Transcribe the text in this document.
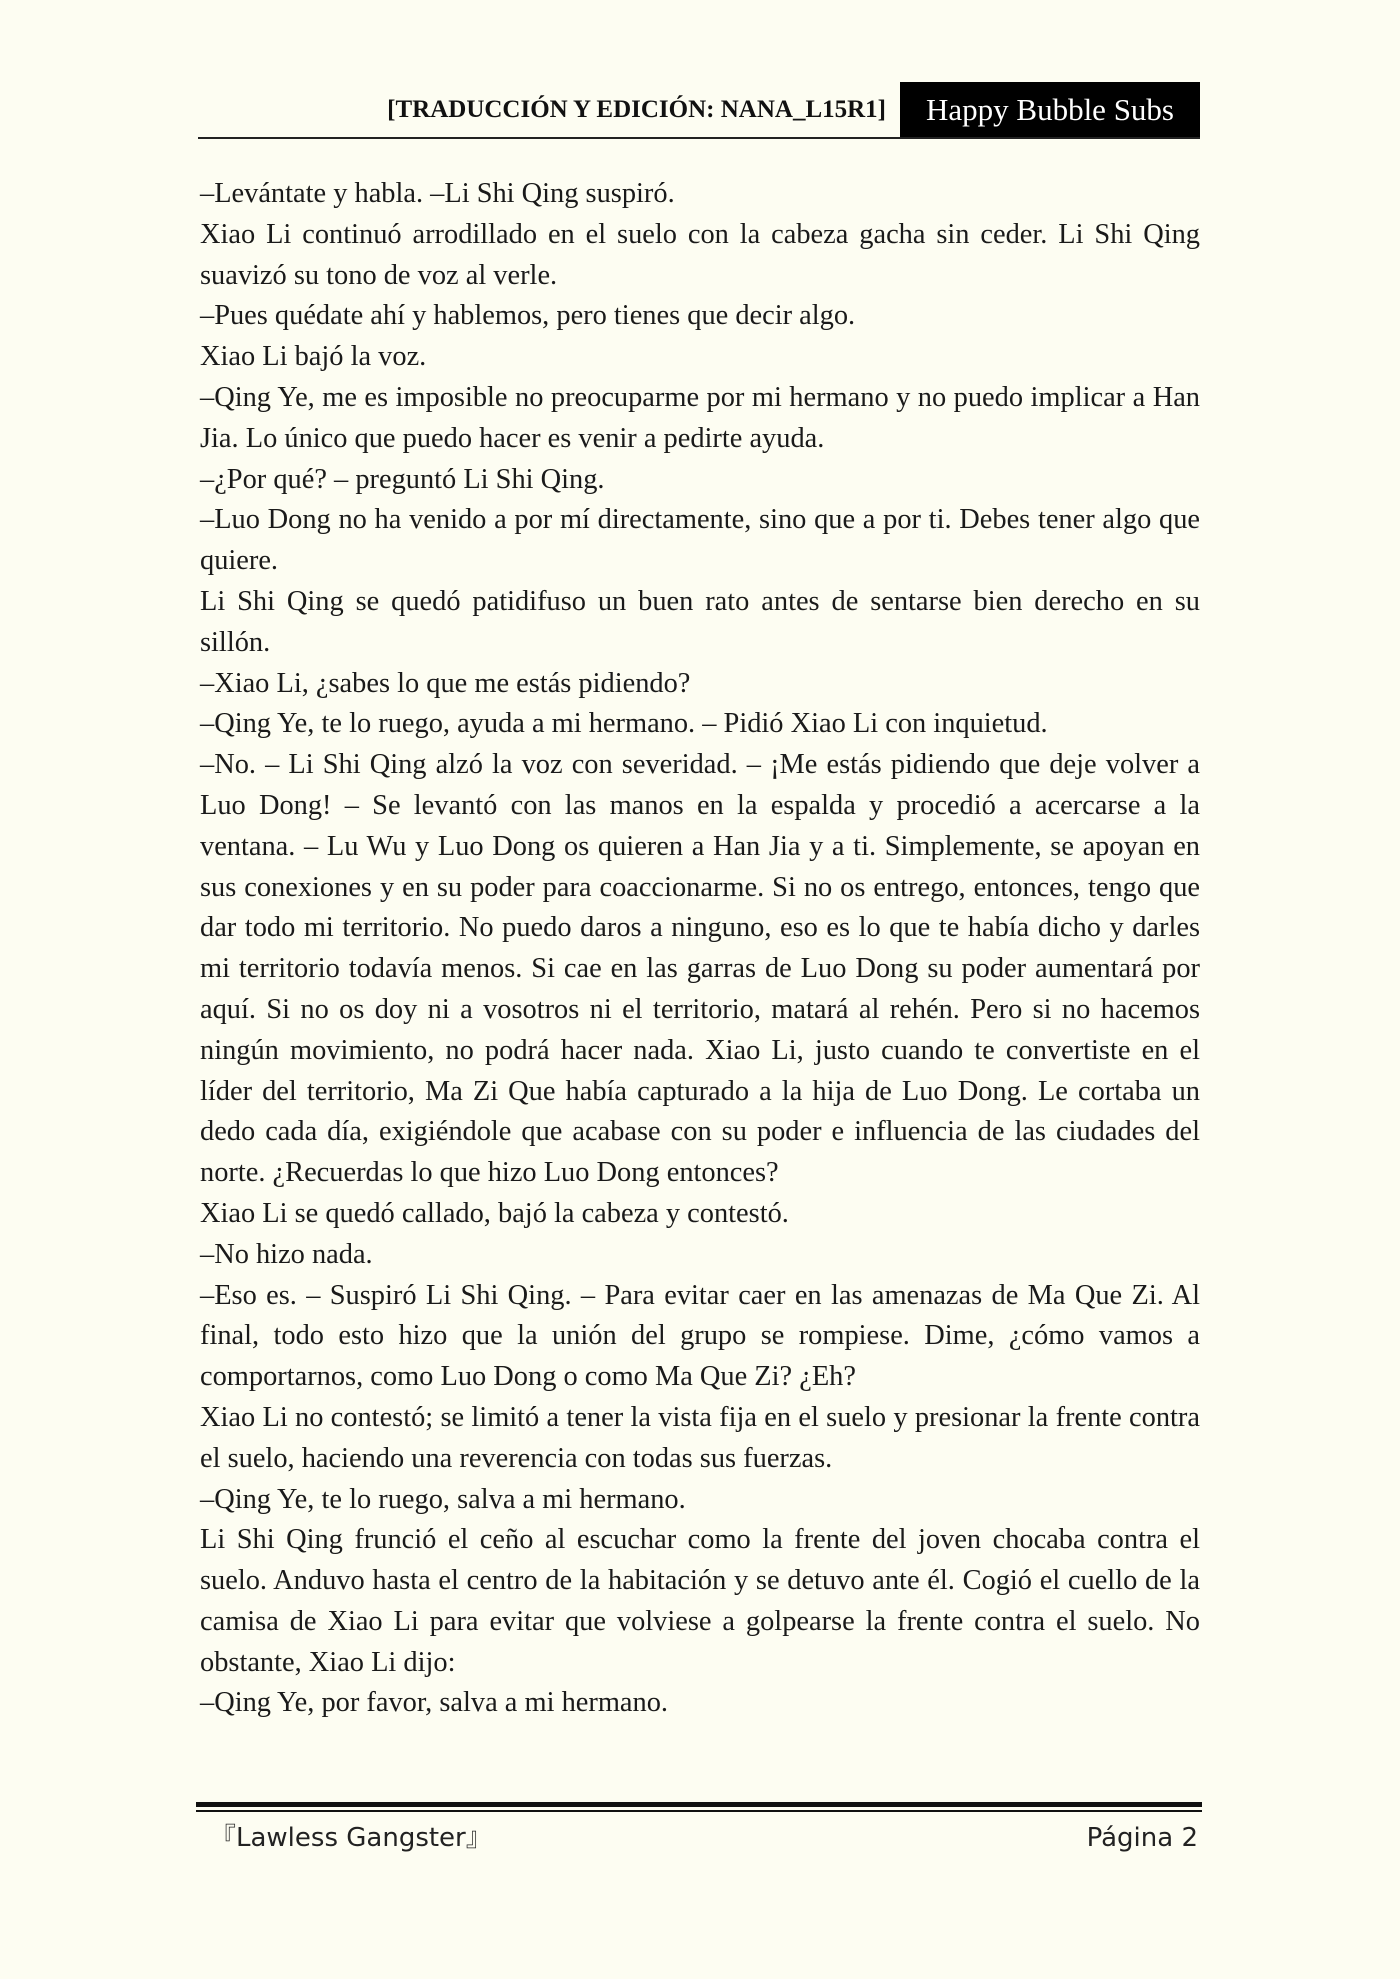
[TRADUCCIÓN Y EDICIÓN: NANA_L15R1]	Happy Bubble Subs

–Levántate y habla. –Li Shi Qing suspiró.

Xiao Li continuó arrodillado en el suelo con la cabeza gacha sin ceder. Li Shi Qing suavizó su tono de voz al verle.

–Pues quédate ahí y hablemos, pero tienes que decir algo.

Xiao Li bajó la voz.

–Qing Ye, me es imposible no preocuparme por mi hermano y no puedo implicar a Han Jia. Lo único que puedo hacer es venir a pedirte ayuda.

–¿Por qué? – preguntó Li Shi Qing.

–Luo Dong no ha venido a por mí directamente, sino que a por ti. Debes tener algo que quiere.

Li Shi Qing se quedó patidifuso un buen rato antes de sentarse bien derecho en su sillón.

–Xiao Li, ¿sabes lo que me estás pidiendo?

–Qing Ye, te lo ruego, ayuda a mi hermano. – Pidió Xiao Li con inquietud.

–No. – Li Shi Qing alzó la voz con severidad. – ¡Me estás pidiendo que deje volver a Luo Dong! – Se levantó con las manos en la espalda y procedió a acercarse a la ventana. – Lu Wu y Luo Dong os quieren a Han Jia y a ti. Simplemente, se apoyan en sus conexiones y en su poder para coaccionarme. Si no os entrego, entonces, tengo que dar todo mi territorio. No puedo daros a ninguno, eso es lo que te había dicho y darles mi territorio todavía menos. Si cae en las garras de Luo Dong su poder aumentará por aquí. Si no os doy ni a vosotros ni el territorio, matará al rehén. Pero si no hacemos ningún movimiento, no podrá hacer nada. Xiao Li, justo cuando te convertiste en el líder del territorio, Ma Zi Que había capturado a la hija de Luo Dong. Le cortaba un dedo cada día, exigiéndole que acabase con su poder e influencia de las ciudades del norte. ¿Recuerdas lo que hizo Luo Dong entonces?

Xiao Li se quedó callado, bajó la cabeza y contestó.

–No hizo nada.

–Eso es. – Suspiró Li Shi Qing. – Para evitar caer en las amenazas de Ma Que Zi. Al final, todo esto hizo que la unión del grupo se rompiese. Dime, ¿cómo vamos a comportarnos, como Luo Dong o como Ma Que Zi? ¿Eh?

Xiao Li no contestó; se limitó a tener la vista fija en el suelo y presionar la frente contra el suelo, haciendo una reverencia con todas sus fuerzas.

–Qing Ye, te lo ruego, salva a mi hermano.

Li Shi Qing frunció el ceño al escuchar como la frente del joven chocaba contra el suelo. Anduvo hasta el centro de la habitación y se detuvo ante él. Cogió el cuello de la camisa de Xiao Li para evitar que volviese a golpearse la frente contra el suelo. No obstante, Xiao Li dijo:

–Qing Ye, por favor, salva a mi hermano.

『Lawless Gangster』	Página 2
